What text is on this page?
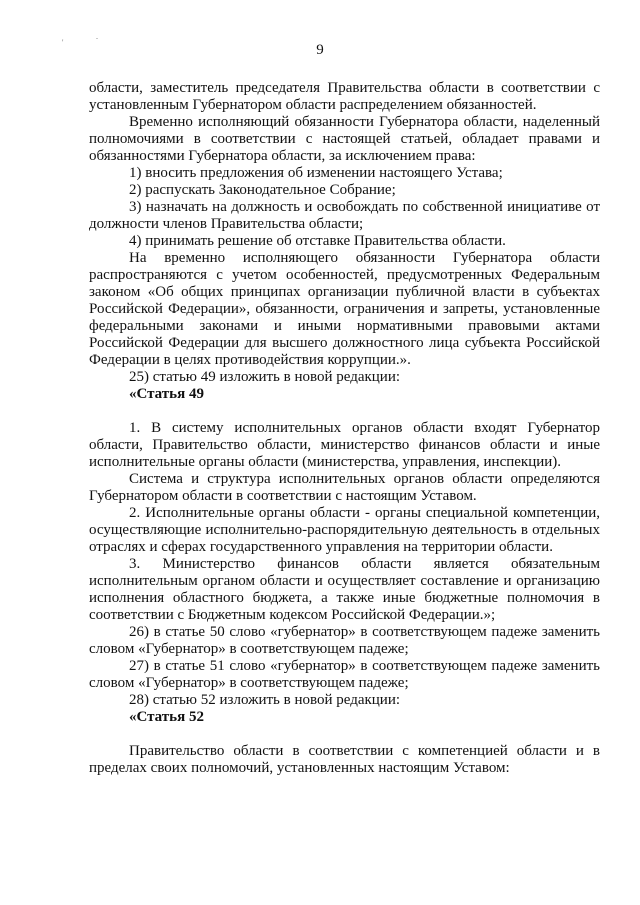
'
.
9

области, заместитель председателя Правительства области в соответствии с установленным Губернатором области распределением обязанностей.

Временно исполняющий обязанности Губернатора области, наделенный полномочиями в соответствии с настоящей статьей, обладает правами и обязанностями Губернатора области, за исключением права:

1) вносить предложения об изменении настоящего Устава;

2) распускать Законодательное Собрание;

3) назначать на должность и освобождать по собственной инициативе от должности членов Правительства области;

4) принимать решение об отставке Правительства области.

На временно исполняющего обязанности Губернатора области распространяются с учетом особенностей, предусмотренных Федеральным законом «Об общих принципах организации публичной власти в субъектах Российской Федерации», обязанности, ограничения и запреты, установленные федеральными законами и иными нормативными правовыми актами Российской Федерации для высшего должностного лица субъекта Российской Федерации в целях противодействия коррупции.».

25) статью 49 изложить в новой редакции:

«Статья 49

1. В систему исполнительных органов области входят Губернатор области, Правительство области, министерство финансов области и иные исполнительные органы области (министерства, управления, инспекции).

Система и структура исполнительных органов области определяются Губернатором области в соответствии с настоящим Уставом.

2. Исполнительные органы области - органы специальной компетенции, осуществляющие исполнительно-распорядительную деятельность в отдельных отраслях и сферах государственного управления на территории области.

3. Министерство финансов области является обязательным исполнительным органом области и осуществляет составление и организацию исполнения областного бюджета, а также иные бюджетные полномочия в соответствии с Бюджетным кодексом Российской Федерации.»;

26) в статье 50 слово «губернатор» в соответствующем падеже заменить словом «Губернатор» в соответствующем падеже;

27) в статье 51 слово «губернатор» в соответствующем падеже заменить словом «Губернатор» в соответствующем падеже;

28) статью 52 изложить в новой редакции:

«Статья 52

Правительство области в соответствии с компетенцией области и в пределах своих полномочий, установленных настоящим Уставом:
